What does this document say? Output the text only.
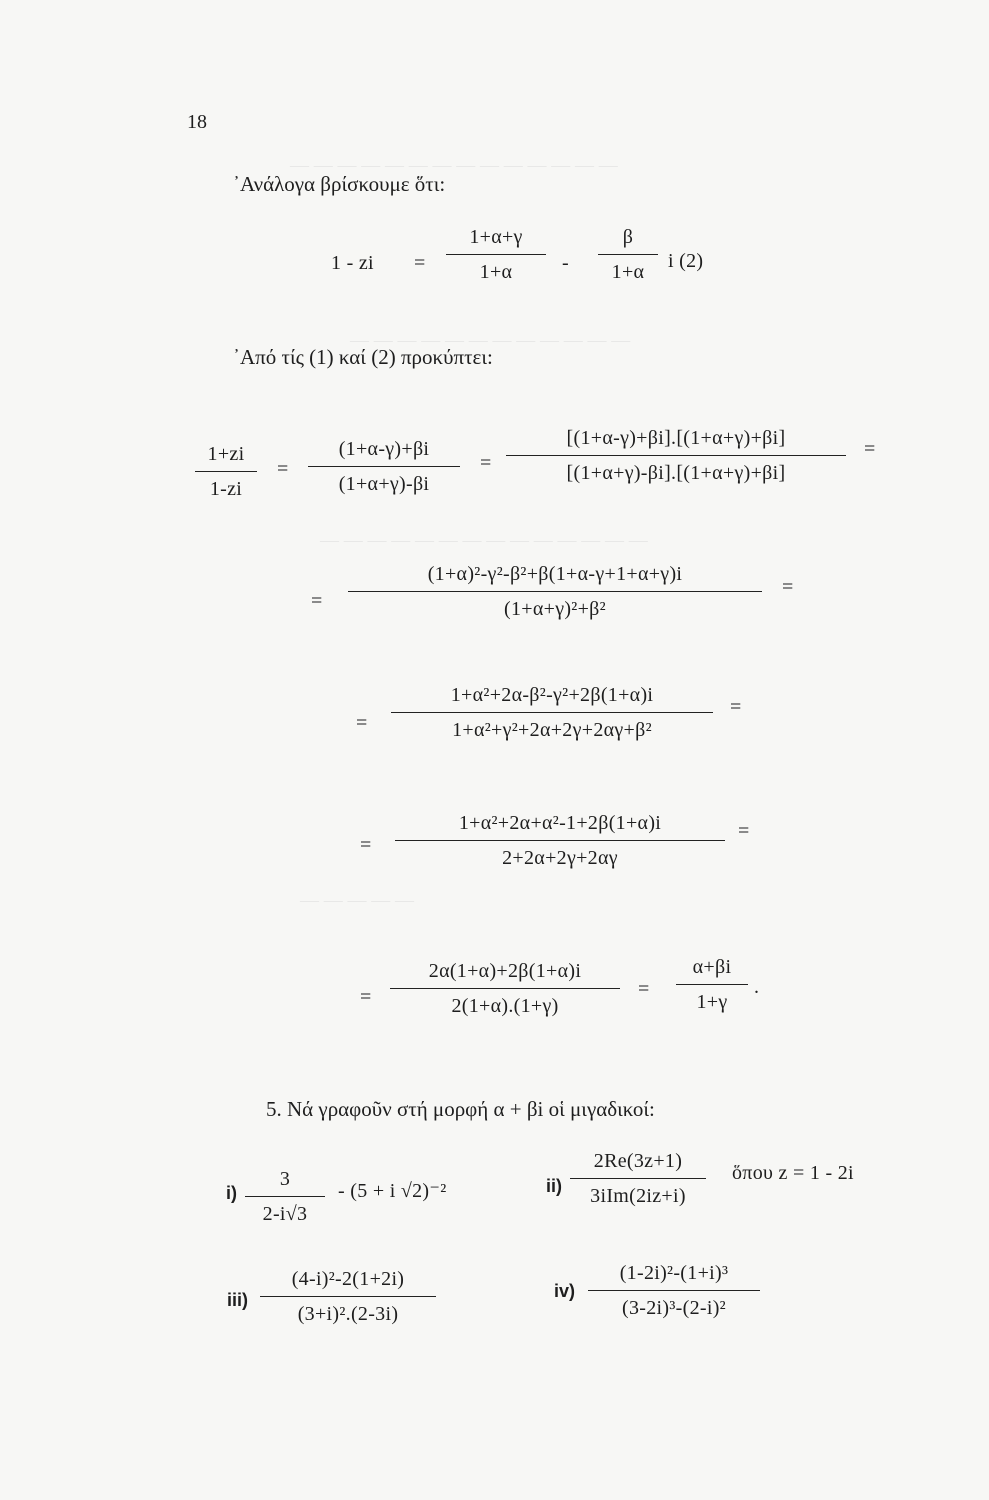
— — — — — — — — — — — — — —
— — — — — — — — — — — —
— — — — — — — — — — — — — —
— — — — —
18
᾿Ανάλογα βρίσκουμε ὅτι:
1 - zi =
1+α+γ
1+α	-
β
1+α
i (2)
᾿Από τίς (1) καί (2) προκύπτει:
1+zi
1-zi
=
(1+α-γ)+βi
(1+α+γ)-βi
=
[(1+α-γ)+βi].[(1+α+γ)+βi]
[(1+α+γ)-βi].[(1+α+γ)+βi]
=
=
(1+α)²-γ²-β²+β(1+α-γ+1+α+γ)i
(1+α+γ)²+β²
=
=
1+α²+2α-β²-γ²+2β(1+α)i
1+α²+γ²+2α+2γ+2αγ+β²
=
=
1+α²+2α+α²-1+2β(1+α)i
2+2α+2γ+2αγ
=
=
2α(1+α)+2β(1+α)i
2(1+α).(1+γ)
=
α+βi
1+γ
.
5. Νά γραφοῦν στή μορφή α + βi οἱ μιγαδικοί:
i)
3
2-i√3
- (5 + i √2)⁻²	ii)
2Re(3z+1)
3iIm(2iz+i)
ὅπου z = 1 - 2i
iii)
(4-i)²-2(1+2i)
(3+i)².(2-3i)
iv)
(1-2i)²-(1+i)³
(3-2i)³-(2-i)²
